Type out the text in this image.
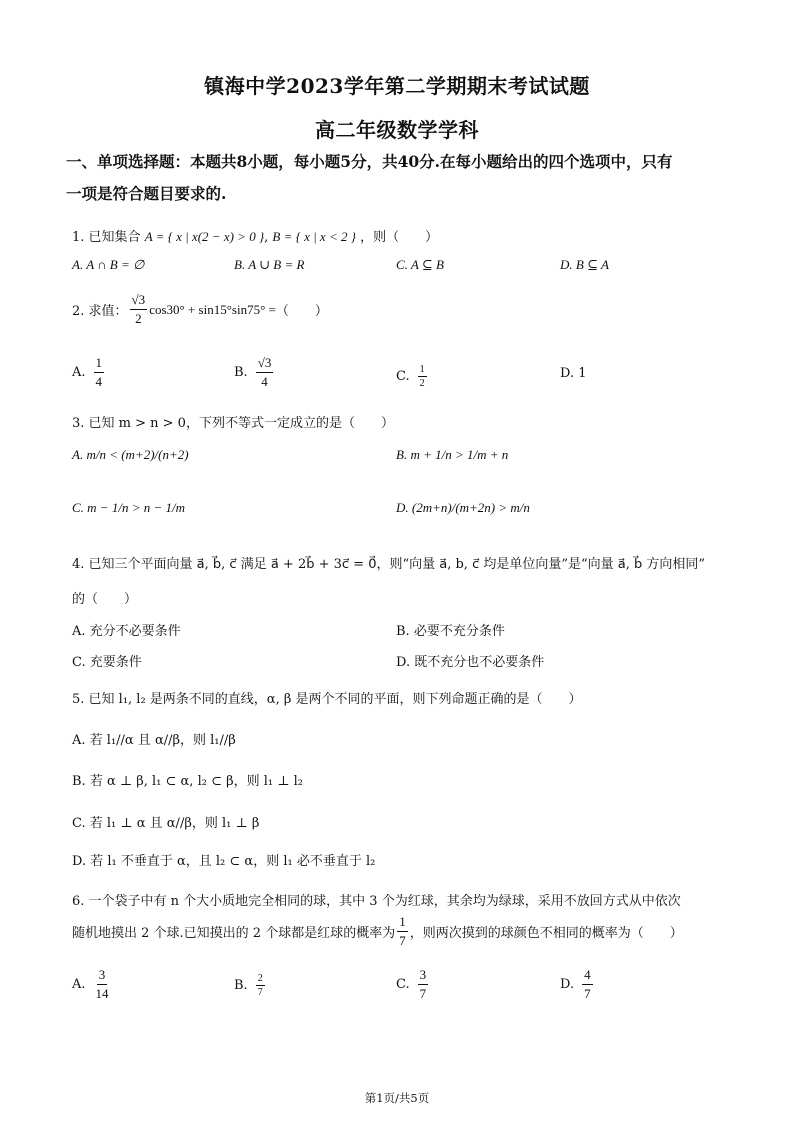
镇海中学2023学年第二学期期末考试试题
高二年级数学学科
一、单项选择题：本题共8小题，每小题5分，共40分.在每小题给出的四个选项中，只有
一项是符合题目要求的.
1. 已知集合 A = { x | x(2 − x) > 0 }, B = { x | x < 2 } ，则（　　）
A. A ∩ B = ∅	B. A ∪ B = R	C. A ⊆ B	D. B ⊆ A
2. 求值： $\frac{√3}{2} \cos 30^\circ + \sin 15^\circ\sin 75^\circ$ = （　　）
A. $\frac{1}{4}$	B. $\frac{√3}{4}$	C. $\frac{1}{2}$	D. 1
3. 已知 m > n > 0，下列不等式一定成立的是（　　）
A. m/n < (m+2)/(n+2)	B. m + 1/n > 1/m + n
C. m − 1/n > n − 1/m	D. (2m+n)/(m+2n) > m/n
4. 已知三个平面向量 a⃗, b⃗, c⃗ 满足 a⃗ + 2b⃗ + 3c⃗ = 0⃗，则“向量 a⃗, b, c⃗ 均是单位向量”是“向量 a⃗, b⃗ 方向相同”
的（　　）
A. 充分不必要条件	B. 必要不充分条件
C. 充要条件	D. 既不充分也不必要条件
5. 已知 l₁, l₂ 是两条不同的直线，α, β 是两个不同的平面，则下列命题正确的是（　　）
A. 若 l₁//α 且 α//β，则 l₁//β
B. 若 α ⊥ β, l₁ ⊂ α, l₂ ⊂ β，则 l₁ ⊥ l₂
C. 若 l₁ ⊥ α 且 α//β，则 l₁ ⊥ β
D. 若 l₁ 不垂直于 α，且 l₂ ⊂ α，则 l₁ 必不垂直于 l₂
6. 一个袋子中有 n 个大小质地完全相同的球，其中 3 个为红球，其余均为绿球，采用不放回方式从中依次
随机地摸出 2 个球.已知摸出的 2 个球都是红球的概率为 $\frac{1}{7}$ ，则两次摸到的球颜色不相同的概率为（　　）
A. $\frac{3}{14}$	B. $\frac{2}{7}$	C. $\frac{3}{7}$	D. $\frac{4}{7}$
第1页/共5页
